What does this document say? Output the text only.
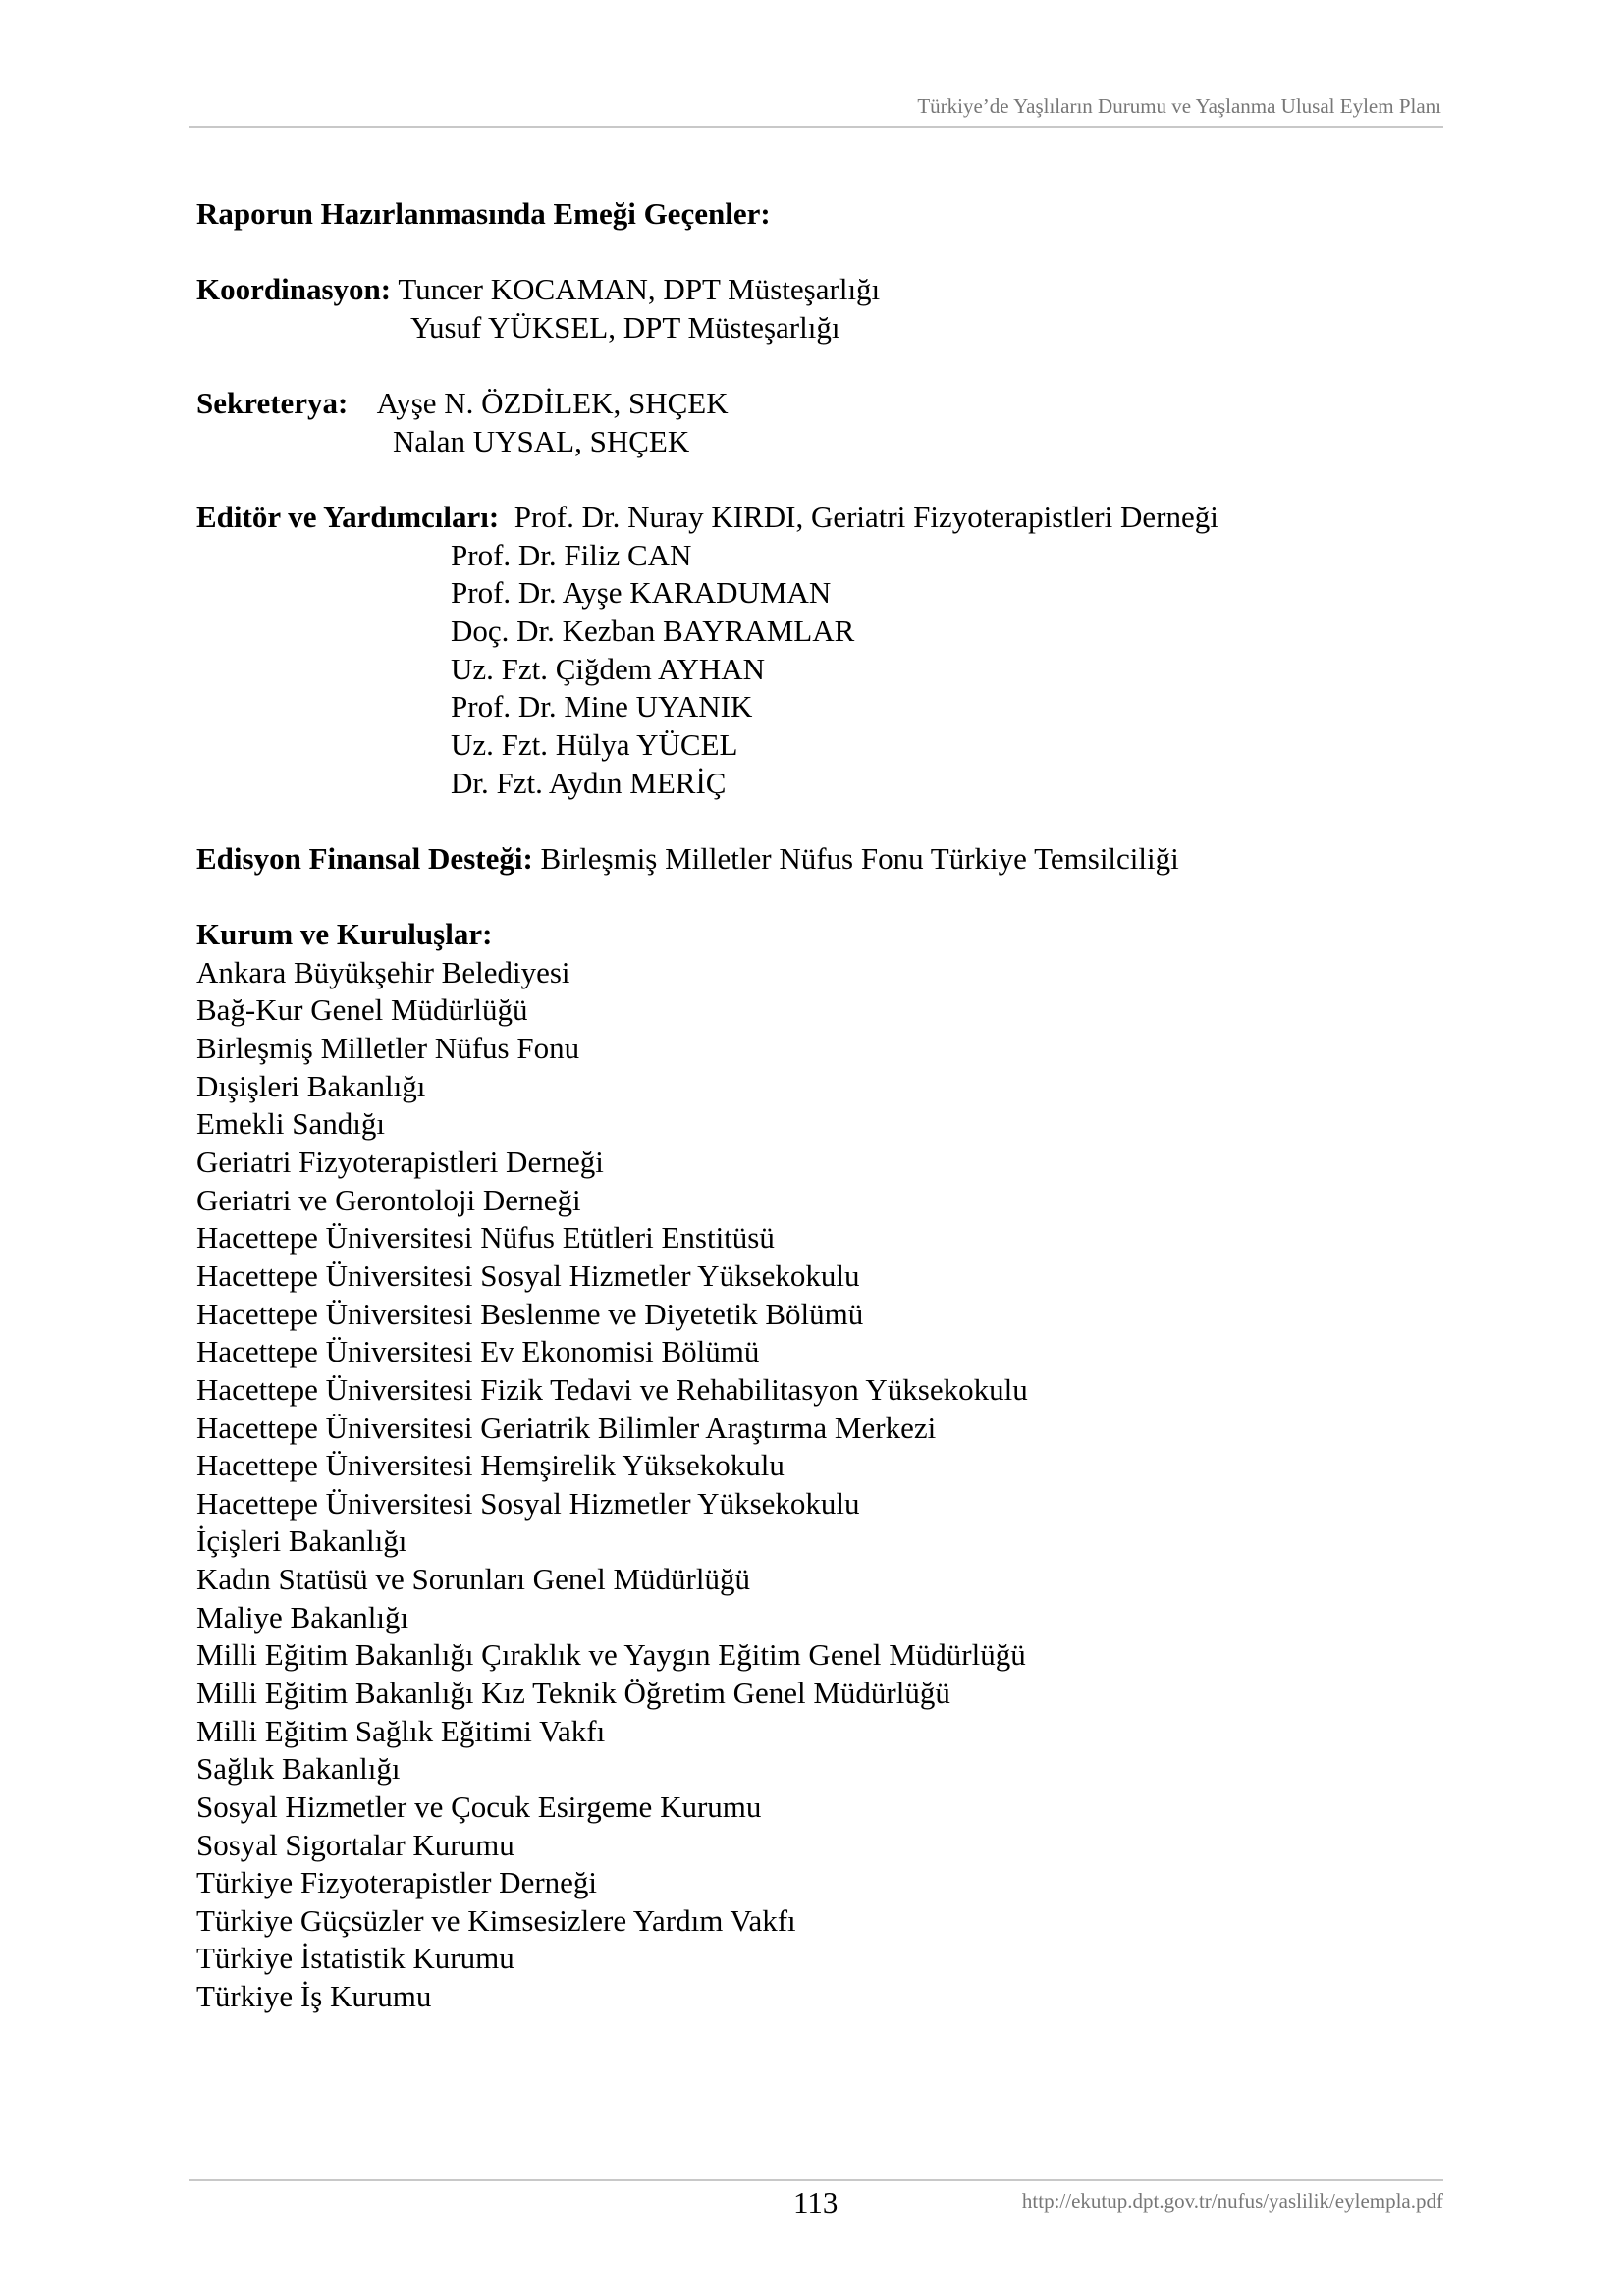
Türkiye’de Yaşlıların Durumu ve Yaşlanma Ulusal Eylem Planı
Raporun Hazırlanmasında Emeği Geçenler:
Koordinasyon: Tuncer KOCAMAN, DPT Müsteşarlığı
Yusuf YÜKSEL, DPT Müsteşarlığı
Sekreterya: Ayşe N. ÖZDİLEK, SHÇEK
Nalan UYSAL, SHÇEK
Editör ve Yardımcıları: Prof. Dr. Nuray KIRDI, Geriatri Fizyoterapistleri Derneği
Prof. Dr. Filiz CAN
Prof. Dr. Ayşe KARADUMAN
Doç. Dr. Kezban BAYRAMLAR
Uz. Fzt. Çiğdem AYHAN
Prof. Dr. Mine UYANIK
Uz. Fzt. Hülya YÜCEL
Dr. Fzt. Aydın MERİÇ
Edisyon Finansal Desteği: Birleşmiş Milletler Nüfus Fonu Türkiye Temsilciliği
Kurum ve Kuruluşlar:
Ankara Büyükşehir Belediyesi
Bağ-Kur Genel Müdürlüğü
Birleşmiş Milletler Nüfus Fonu
Dışişleri Bakanlığı
Emekli Sandığı
Geriatri Fizyoterapistleri Derneği
Geriatri ve Gerontoloji Derneği
Hacettepe Üniversitesi Nüfus Etütleri Enstitüsü
Hacettepe Üniversitesi Sosyal Hizmetler Yüksekokulu
Hacettepe Üniversitesi Beslenme ve Diyetetik Bölümü
Hacettepe Üniversitesi Ev Ekonomisi Bölümü
Hacettepe Üniversitesi Fizik Tedavi ve Rehabilitasyon Yüksekokulu
Hacettepe Üniversitesi Geriatrik Bilimler Araştırma Merkezi
Hacettepe Üniversitesi Hemşirelik Yüksekokulu
Hacettepe Üniversitesi Sosyal Hizmetler Yüksekokulu
İçişleri Bakanlığı
Kadın Statüsü ve Sorunları Genel Müdürlüğü
Maliye Bakanlığı
Milli Eğitim Bakanlığı Çıraklık ve Yaygın Eğitim Genel Müdürlüğü
Milli Eğitim Bakanlığı Kız Teknik Öğretim Genel Müdürlüğü
Milli Eğitim Sağlık Eğitimi Vakfı
Sağlık Bakanlığı
Sosyal Hizmetler ve Çocuk Esirgeme Kurumu
Sosyal Sigortalar Kurumu
Türkiye Fizyoterapistler Derneği
Türkiye Güçsüzler ve Kimsesizlere Yardım Vakfı
Türkiye İstatistik Kurumu
Türkiye İş Kurumu
113	http://ekutup.dpt.gov.tr/nufus/yaslilik/eylempla.pdf
